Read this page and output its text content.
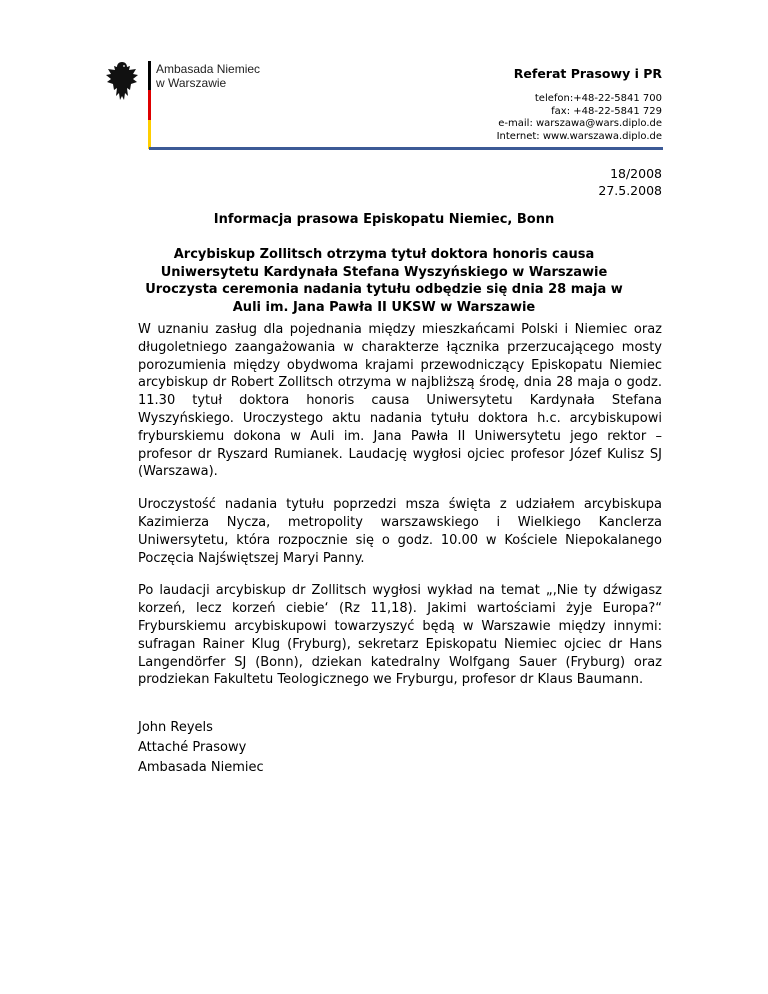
Ambasada Niemiec
w Warszawie
Referat Prasowy i PR
telefon:+48-22-5841 700
fax: +48-22-5841 729
e-mail: warszawa@wars.diplo.de
Internet: www.warszawa.diplo.de
18/2008
27.5.2008
Informacja prasowa Episkopatu Niemiec, Bonn
Arcybiskup Zollitsch otrzyma tytuł doktora honoris causa
Uniwersytetu Kardynała Stefana Wyszyńskiego w Warszawie
Uroczysta ceremonia nadania tytułu odbędzie się dnia 28 maja w
Auli im. Jana Pawła II UKSW w Warszawie

W uznaniu zasług dla pojednania między mieszkańcami Polski i Niemiec oraz długoletniego zaangażowania w charakterze łącznika przerzucającego mosty porozumienia między obydwoma krajami przewodniczący Episkopatu Niemiec arcybiskup dr Robert Zollitsch otrzyma w najbliższą środę, dnia 28 maja o godz. 11.30 tytuł doktora honoris causa Uniwersytetu Kardynała Stefana Wyszyńskiego. Uroczystego aktu nadania tytułu doktora h.c. arcybiskupowi fryburskiemu dokona w Auli im. Jana Pawła II Uniwersytetu jego rektor – profesor dr Ryszard Rumianek. Laudację wygłosi ojciec profesor Józef Kulisz SJ (Warszawa).

Uroczystość nadania tytułu poprzedzi msza święta z udziałem arcybiskupa Kazimierza Nycza, metropolity warszawskiego i Wielkiego Kanclerza Uniwersytetu, która rozpocznie się o godz. 10.00 w Kościele Niepokalanego Poczęcia Najświętszej Maryi Panny.

Po laudacji arcybiskup dr Zollitsch wygłosi wykład na temat „‚Nie ty dźwigasz korzeń, lecz korzeń ciebie‘ (Rz 11,18). Jakimi wartościami żyje Europa?“ Fryburskiemu arcybiskupowi towarzyszyć będą w Warszawie między innymi: sufragan Rainer Klug (Fryburg), sekretarz Episkopatu Niemiec ojciec dr Hans Langendörfer SJ (Bonn), dziekan katedralny Wolfgang Sauer (Fryburg) oraz prodziekan Fakultetu Teologicznego we Fryburgu, profesor dr Klaus Baumann.

John Reyels
Attaché Prasowy
Ambasada Niemiec
